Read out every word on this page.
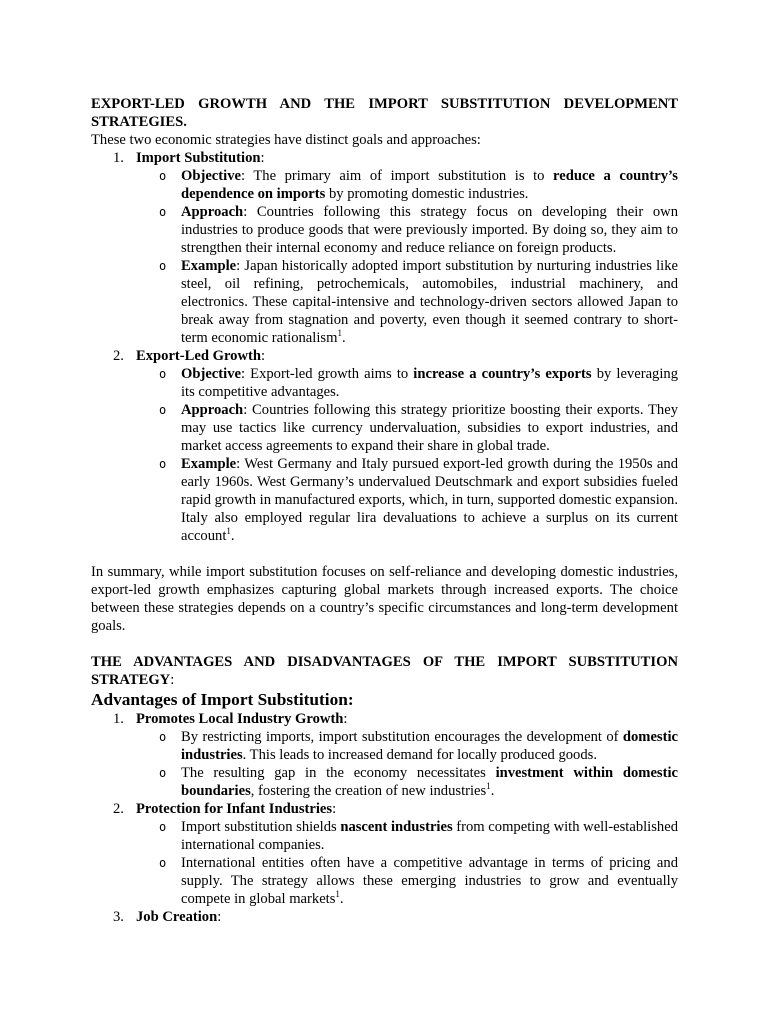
EXPORT-LED GROWTH AND THE IMPORT SUBSTITUTION DEVELOPMENT STRATEGIES.

These two economic strategies have distinct goals and approaches:

1. Import Substitution:
o Objective: The primary aim of import substitution is to reduce a country’s dependence on imports by promoting domestic industries.
o Approach: Countries following this strategy focus on developing their own industries to produce goods that were previously imported. By doing so, they aim to strengthen their internal economy and reduce reliance on foreign products.
o Example: Japan historically adopted import substitution by nurturing industries like steel, oil refining, petrochemicals, automobiles, industrial machinery, and electronics. These capital-intensive and technology-driven sectors allowed Japan to break away from stagnation and poverty, even though it seemed contrary to short-term economic rationalism$^1$.
2. Export-Led Growth:
o Objective: Export-led growth aims to increase a country’s exports by leveraging its competitive advantages.
o Approach: Countries following this strategy prioritize boosting their exports. They may use tactics like currency undervaluation, subsidies to export industries, and market access agreements to expand their share in global trade.
o Example: West Germany and Italy pursued export-led growth during the 1950s and early 1960s. West Germany’s undervalued Deutschmark and export subsidies fueled rapid growth in manufactured exports, which, in turn, supported domestic expansion. Italy also employed regular lira devaluations to achieve a surplus on its current account$^1$.

In summary, while import substitution focuses on self-reliance and developing domestic industries, export-led growth emphasizes capturing global markets through increased exports. The choice between these strategies depends on a country’s specific circumstances and long-term development goals.

THE ADVANTAGES AND DISADVANTAGES OF THE IMPORT SUBSTITUTION STRATEGY:

Advantages of Import Substitution:

1. Promotes Local Industry Growth:
o By restricting imports, import substitution encourages the development of domestic industries. This leads to increased demand for locally produced goods.
o The resulting gap in the economy necessitates investment within domestic boundaries, fostering the creation of new industries$^1$.
2. Protection for Infant Industries:
o Import substitution shields nascent industries from competing with well-established international companies.
o International entities often have a competitive advantage in terms of pricing and supply. The strategy allows these emerging industries to grow and eventually compete in global markets$^1$.
3. Job Creation:
